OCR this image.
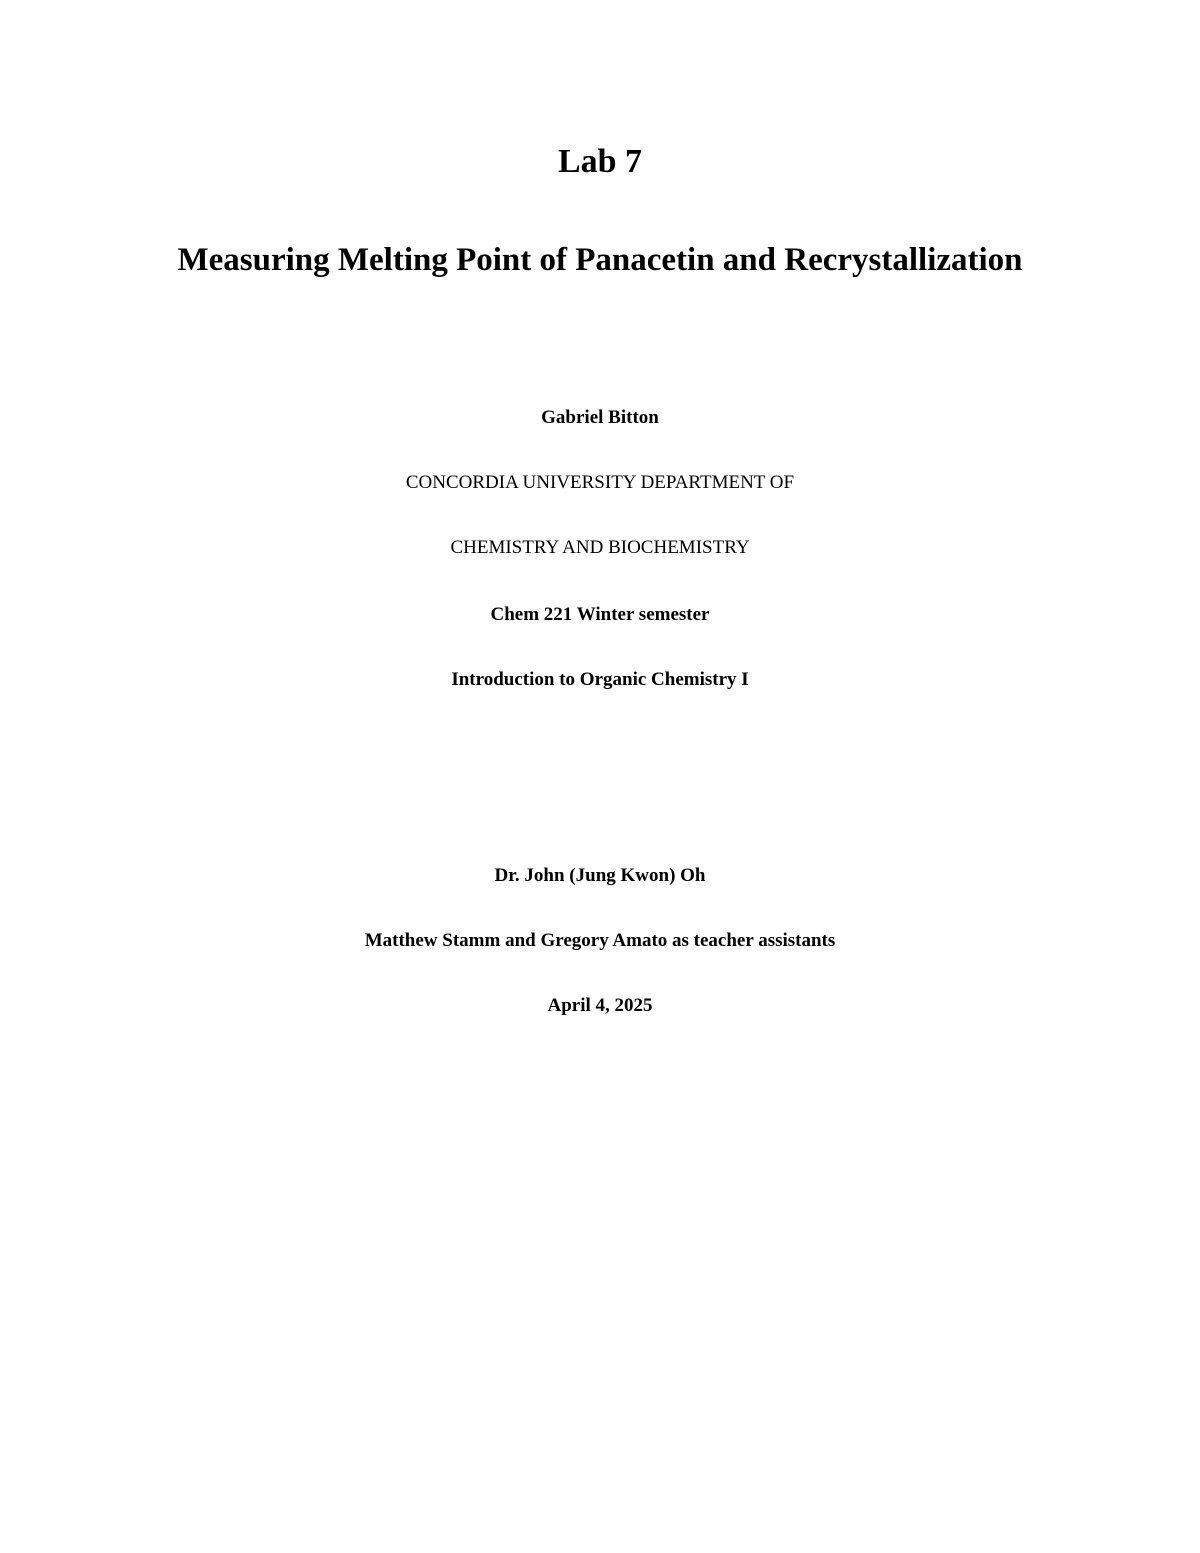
Lab 7
Measuring Melting Point of Panacetin and Recrystallization
Gabriel Bitton
CONCORDIA UNIVERSITY DEPARTMENT OF
CHEMISTRY AND BIOCHEMISTRY
Chem 221 Winter semester
Introduction to Organic Chemistry I
Dr. John (Jung Kwon) Oh
Matthew Stamm and Gregory Amato as teacher assistants
April 4, 2025
